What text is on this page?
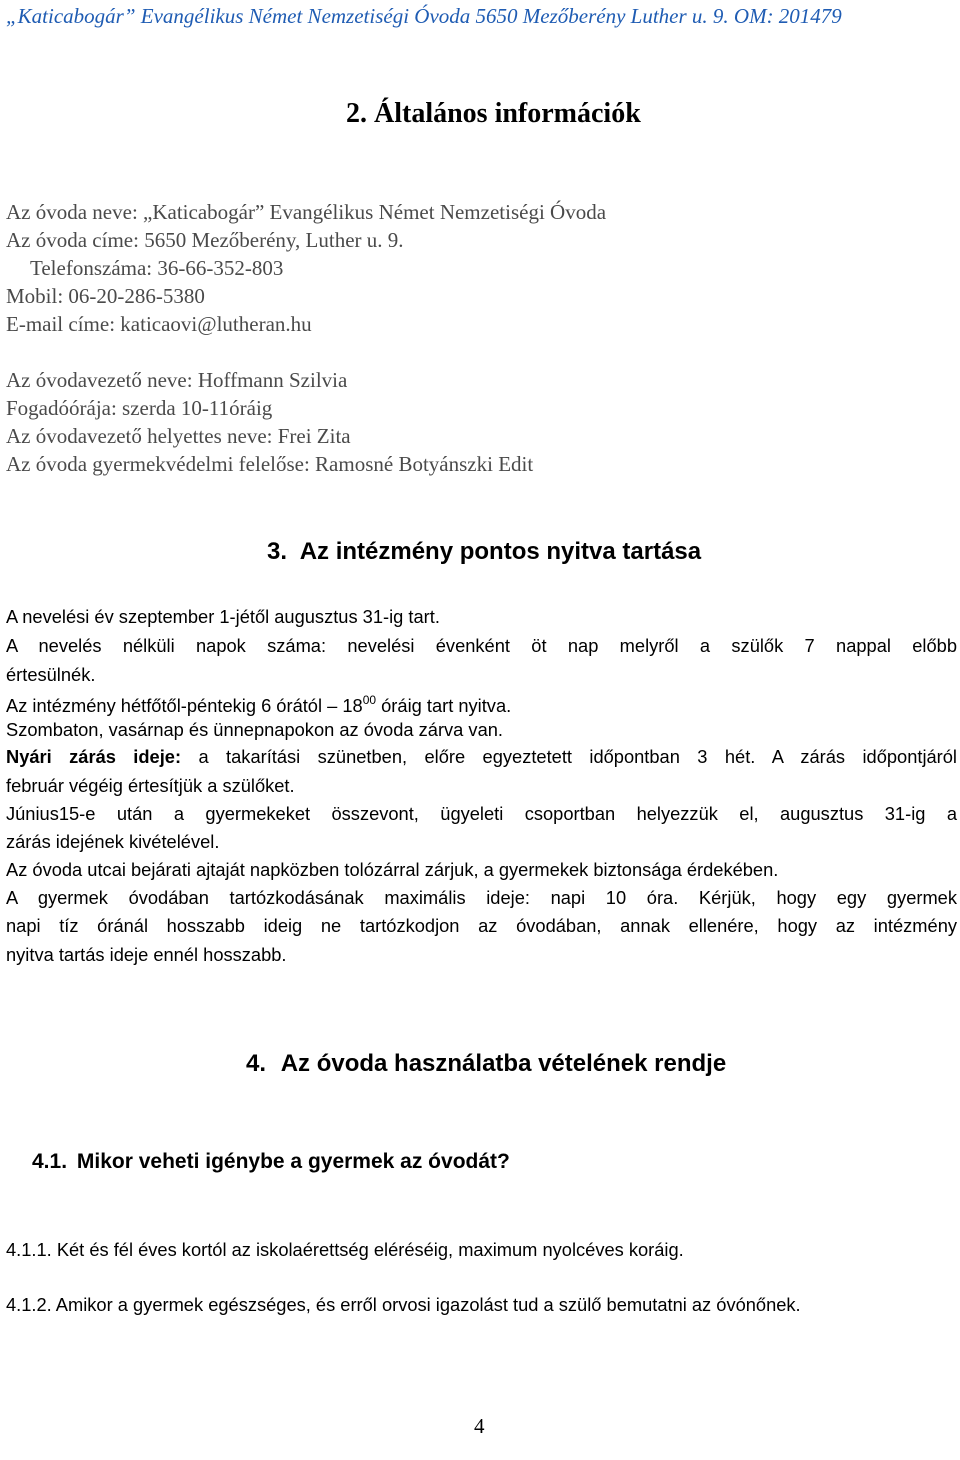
„Katicabogár” Evangélikus Német Nemzetiségi Óvoda 5650 Mezőberény Luther u. 9. OM: 201479
2. Általános információk
Az óvoda neve: „Katicabogár” Evangélikus Német Nemzetiségi Óvoda
Az óvoda címe: 5650 Mezőberény, Luther u. 9.
Telefonszáma: 36-66-352-803
Mobil: 06-20-286-5380
E-mail címe: katicaovi@lutheran.hu
Az óvodavezető neve: Hoffmann Szilvia
Fogadóórája: szerda 10-11óráig
Az óvodavezető helyettes neve: Frei Zita
Az óvoda gyermekvédelmi felelőse: Ramosné Botyánszki Edit
3. Az intézmény pontos nyitva tartása
A nevelési év szeptember 1-jétől augusztus 31-ig tart.
A nevelés nélküli napok száma: nevelési évenként öt nap melyről a szülők 7 nappal előbb
értesülnék.
Az intézmény hétfőtől-péntekig 6 órától – $18^{00}$ óráig tart nyitva.
Szombaton, vasárnap és ünnepnapokon az óvoda zárva van.
Nyári zárás ideje: a takarítási szünetben, előre egyeztetett időpontban 3 hét. A zárás időpontjáról
február végéig értesítjük a szülőket.
Június15-e után a gyermekeket összevont, ügyeleti csoportban helyezzük el, augusztus 31-ig a
zárás idejének kivételével.
Az óvoda utcai bejárati ajtaját napközben tolózárral zárjuk, a gyermekek biztonsága érdekében.
A gyermek óvodában tartózkodásának maximális ideje: napi 10 óra. Kérjük, hogy egy gyermek
napi tíz óránál hosszabb ideig ne tartózkodjon az óvodában, annak ellenére, hogy az intézmény
nyitva tartás ideje ennél hosszabb.
4. Az óvoda használatba vételének rendje
4.1. Mikor veheti igénybe a gyermek az óvodát?
4.1.1. Két és fél éves kortól az iskolaérettség eléréséig, maximum nyolcéves koráig.
4.1.2. Amikor a gyermek egészséges, és erről orvosi igazolást tud a szülő bemutatni az óvónőnek.
4
